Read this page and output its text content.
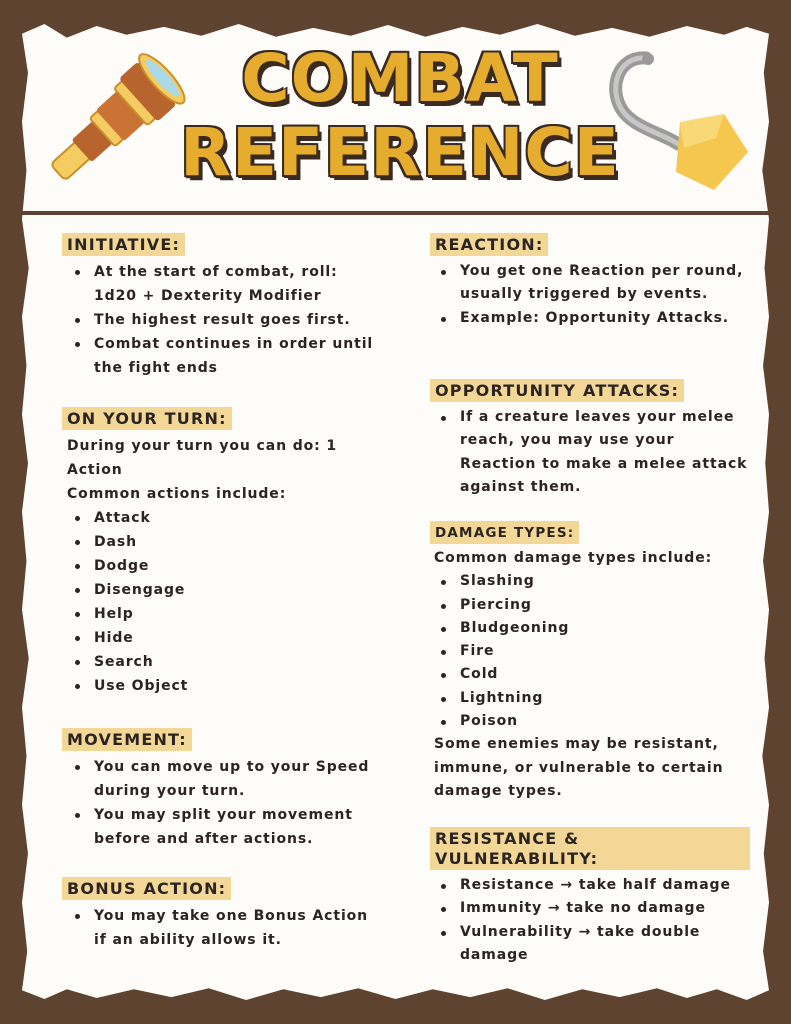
COMBAT
REFERENCE
INITIATIVE:
At the start of combat, roll: 1d20 + Dexterity Modifier
The highest result goes first.
Combat continues in order until the fight ends
ON YOUR TURN:

During your turn you can do: 1 Action

Common actions include:

Attack
Dash
Dodge
Disengage
Help
Hide
Search
Use Object
MOVEMENT:
You can move up to your Speed during your turn.
You may split your movement before and after actions.
BONUS ACTION:
You may take one Bonus Action if an ability allows it.
REACTION:
You get one Reaction per round, usually triggered by events.
Example: Opportunity Attacks.
OPPORTUNITY ATTACKS:
If a creature leaves your melee reach, you may use your Reaction to make a melee attack against them.
DAMAGE TYPES:

Common damage types include:

Slashing
Piercing
Bludgeoning
Fire
Cold
Lightning
Poison

Some enemies may be resistant, immune, or vulnerable to certain damage types.

RESISTANCE & VULNERABILITY:
Resistance → take half damage
Immunity → take no damage
Vulnerability → take double damage
